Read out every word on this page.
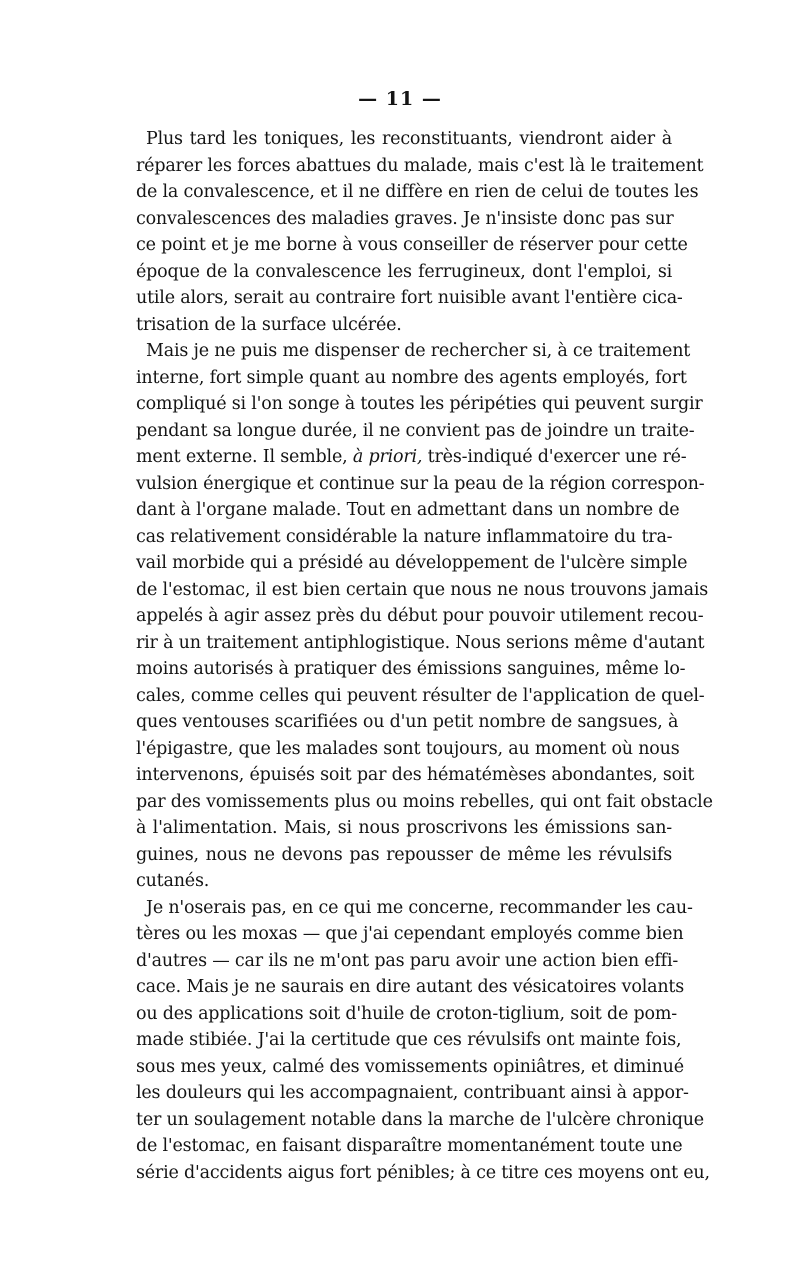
— 11 —
Plus tard les toniques, les reconstituants, viendront aider à
réparer les forces abattues du malade, mais c'est là le traitement
de la convalescence, et il ne diffère en rien de celui de toutes les
convalescences des maladies graves. Je n'insiste donc pas sur
ce point et je me borne à vous conseiller de réserver pour cette
époque de la convalescence les ferrugineux, dont l'emploi, si
utile alors, serait au contraire fort nuisible avant l'entière cica-
trisation de la surface ulcérée.
Mais je ne puis me dispenser de rechercher si, à ce traitement
interne, fort simple quant au nombre des agents employés, fort
compliqué si l'on songe à toutes les péripéties qui peuvent surgir
pendant sa longue durée, il ne convient pas de joindre un traite-
ment externe. Il semble, à priori, très-indiqué d'exercer une ré-
vulsion énergique et continue sur la peau de la région correspon-
dant à l'organe malade. Tout en admettant dans un nombre de
cas relativement considérable la nature inflammatoire du tra-
vail morbide qui a présidé au développement de l'ulcère simple
de l'estomac, il est bien certain que nous ne nous trouvons jamais
appelés à agir assez près du début pour pouvoir utilement recou-
rir à un traitement antiphlogistique. Nous serions même d'autant
moins autorisés à pratiquer des émissions sanguines, même lo-
cales, comme celles qui peuvent résulter de l'application de quel-
ques ventouses scarifiées ou d'un petit nombre de sangsues, à
l'épigastre, que les malades sont toujours, au moment où nous
intervenons, épuisés soit par des hématémèses abondantes, soit
par des vomissements plus ou moins rebelles, qui ont fait obstacle
à l'alimentation. Mais, si nous proscrivons les émissions san-
guines, nous ne devons pas repousser de même les révulsifs
cutanés.
Je n'oserais pas, en ce qui me concerne, recommander les cau-
tères ou les moxas — que j'ai cependant employés comme bien
d'autres — car ils ne m'ont pas paru avoir une action bien effi-
cace. Mais je ne saurais en dire autant des vésicatoires volants
ou des applications soit d'huile de croton-tiglium, soit de pom-
made stibiée. J'ai la certitude que ces révulsifs ont mainte fois,
sous mes yeux, calmé des vomissements opiniâtres, et diminué
les douleurs qui les accompagnaient, contribuant ainsi à appor-
ter un soulagement notable dans la marche de l'ulcère chronique
de l'estomac, en faisant disparaître momentanément toute une
série d'accidents aigus fort pénibles; à ce titre ces moyens ont eu,
